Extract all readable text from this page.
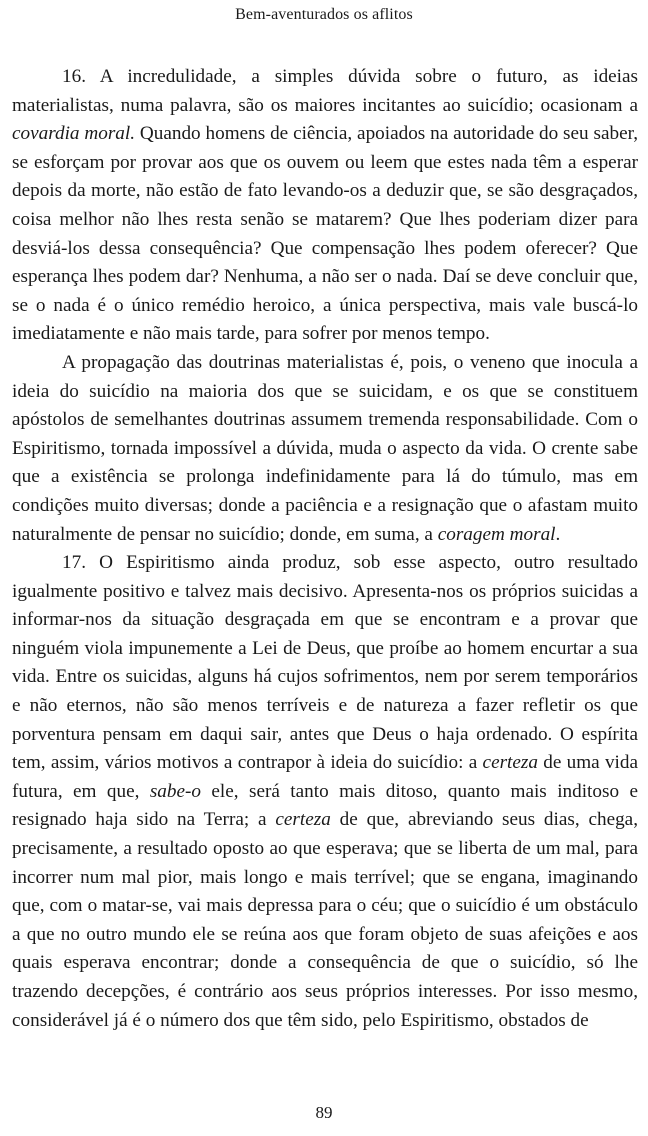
Bem-aventurados os aflitos

16. A incredulidade, a simples dúvida sobre o futuro, as ideias materialistas, numa palavra, são os maiores incitantes ao suicídio; ocasionam a covardia moral. Quando homens de ciência, apoiados na autoridade do seu saber, se esforçam por provar aos que os ouvem ou leem que estes nada têm a esperar depois da morte, não estão de fato levando-os a deduzir que, se são desgraçados, coisa melhor não lhes resta senão se matarem? Que lhes poderiam dizer para desviá-los dessa consequência? Que compensação lhes podem oferecer? Que esperança lhes podem dar? Nenhuma, a não ser o nada. Daí se deve concluir que, se o nada é o único remédio heroico, a única perspectiva, mais vale buscá-lo imediatamente e não mais tarde, para sofrer por menos tempo.

A propagação das doutrinas materialistas é, pois, o veneno que inocula a ideia do suicídio na maioria dos que se suicidam, e os que se constituem apóstolos de semelhantes doutrinas assumem tremenda responsabilidade. Com o Espiritismo, tornada impossível a dúvida, muda o aspecto da vida. O crente sabe que a existência se prolonga indefinidamente para lá do túmulo, mas em condições muito diversas; donde a paciência e a resignação que o afastam muito naturalmente de pensar no suicídio; donde, em suma, a coragem moral.

17. O Espiritismo ainda produz, sob esse aspecto, outro resultado igualmente positivo e talvez mais decisivo. Apresenta-nos os próprios suicidas a informar-nos da situação desgraçada em que se encontram e a provar que ninguém viola impunemente a Lei de Deus, que proíbe ao homem encurtar a sua vida. Entre os suicidas, alguns há cujos sofrimentos, nem por serem temporários e não eternos, não são menos terríveis e de natureza a fazer refletir os que porventura pensam em daqui sair, antes que Deus o haja ordenado. O espírita tem, assim, vários motivos a contrapor à ideia do suicídio: a certeza de uma vida futura, em que, sabe-o ele, será tanto mais ditoso, quanto mais inditoso e resignado haja sido na Terra; a certeza de que, abreviando seus dias, chega, precisamente, a resultado oposto ao que esperava; que se liberta de um mal, para incorrer num mal pior, mais longo e mais terrível; que se engana, imaginando que, com o matar-se, vai mais depressa para o céu; que o suicídio é um obstáculo a que no outro mundo ele se reúna aos que foram objeto de suas afeições e aos quais esperava encontrar; donde a consequência de que o suicídio, só lhe trazendo decepções, é contrário aos seus próprios interesses. Por isso mesmo, considerável já é o número dos que têm sido, pelo Espiritismo, obstados de

89
